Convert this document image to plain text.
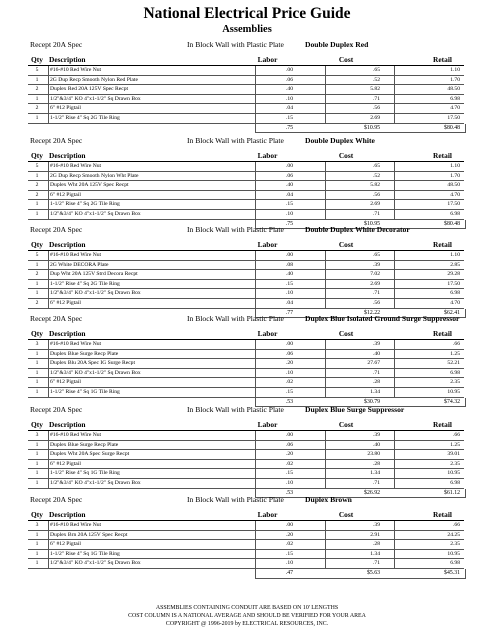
National Electrical Price Guide
Assemblies
Recept 20A Spec	In Block Wall with Plastic Plate	Double Duplex Red
Qty Description	Labor	Cost	Retail
5	#16-#10 Red Wire Nut	.00	.65	1.10
1	2G Dup Recp Smooth Nylon Red Plate	.06	.52	1.70
2	Duplex Red 20A 125V Spec Recpt	.40	5.82	48.50
1	1/2"&3/4" KO 4"x1-1/2" Sq Drawn Box	.10	.71	6.98
2	6" #12 Pigtail	.04	.56	4.70
1	1-1/2" Rise 4" Sq 2G Tile Ring	.15	2.69	17.50
.75	$10.95	$80.48
Recept 20A Spec	In Block Wall with Plastic Plate	Double Duplex White
Qty Description	Labor	Cost	Retail
5	#16-#10 Red Wire Nut	.00	.65	1.10
1	2G Dup Recp Smooth Nylon Wht Plate	.06	.52	1.70
2	Duplex Wht 20A 125V Spec Recpt	.40	5.82	48.50
2	6" #12 Pigtail	.04	.56	4.70
1	1-1/2" Rise 4" Sq 2G Tile Ring	.15	2.69	17.50
1	1/2"&3/4" KO 4"x1-1/2" Sq Drawn Box	.10	.71	6.98
.75	$10.95	$80.48
Recept 20A Spec	In Block Wall with Plastic Plate	Double Duplex White Decorator
Qty Description	Labor	Cost	Retail
5	#16-#10 Red Wire Nut	.00	.65	1.10
1	2G White DECORA Plate	.08	.39	2.85
2	Dup Wht 20A 125V Strd Decora Recpt	.40	7.02	29.28
1	1-1/2" Rise 4" Sq 2G Tile Ring	.15	2.69	17.50
1	1/2"&3/4" KO 4"x1-1/2" Sq Drawn Box	.10	.71	6.98
2	6" #12 Pigtail	.04	.56	4.70
.77	$12.22	$62.41
Recept 20A Spec	In Block Wall with Plastic Plate	Duplex Blue Isolated Ground Surge Suppressor
Qty Description	Labor	Cost	Retail
3	#16-#10 Red Wire Nut	.00	.39	.66
1	Duplex Blue Surge Recp Plate	.06	.40	1.25
1	Duplex Blu 20A Spec IG Surge Recpt	.20	27.67	52.21
1	1/2"&3/4" KO 4"x1-1/2" Sq Drawn Box	.10	.71	6.98
1	6" #12 Pigtail	.02	.28	2.35
1	1-1/2" Rise 4" Sq 1G Tile Ring	.15	1.34	10.95
.53	$30.79	$74.32
Recept 20A Spec	In Block Wall with Plastic Plate	Duplex Blue Surge Suppressor
Qty Description	Labor	Cost	Retail
3	#16-#10 Red Wire Nut	.00	.39	.66
1	Duplex Blue Surge Recp Plate	.06	.40	1.25
1	Duplex Wht 20A Spec Surge Recpt	.20	23.80	39.01
1	6" #12 Pigtail	.02	.28	2.35
1	1-1/2" Rise 4" Sq 1G Tile Ring	.15	1.34	10.95
1	1/2"&3/4" KO 4"x1-1/2" Sq Drawn Box	.10	.71	6.98
.53	$26.92	$61.12
Recept 20A Spec	In Block Wall with Plastic Plate	Duplex Brown
Qty Description	Labor	Cost	Retail
3	#16-#10 Red Wire Nut	.00	.39	.66
1	Duplex Brn 20A 125V Spec Recpt	.20	2.91	24.25
1	6" #12 Pigtail	.02	.28	2.35
1	1-1/2" Rise 4" Sq 1G Tile Ring	.15	1.34	10.95
1	1/2"&3/4" KO 4"x1-1/2" Sq Drawn Box	.10	.71	6.98
.47	$5.63	$45.31
ASSEMBLIES CONTAINING CONDUIT ARE BASED ON 10' LENGTHS
COST COLUMN IS A NATIONAL AVERAGE AND SHOULD BE VERIFIED FOR YOUR AREA
COPYRIGHT @ 1996-2019 by ELECTRICAL RESOURCES, INC.
